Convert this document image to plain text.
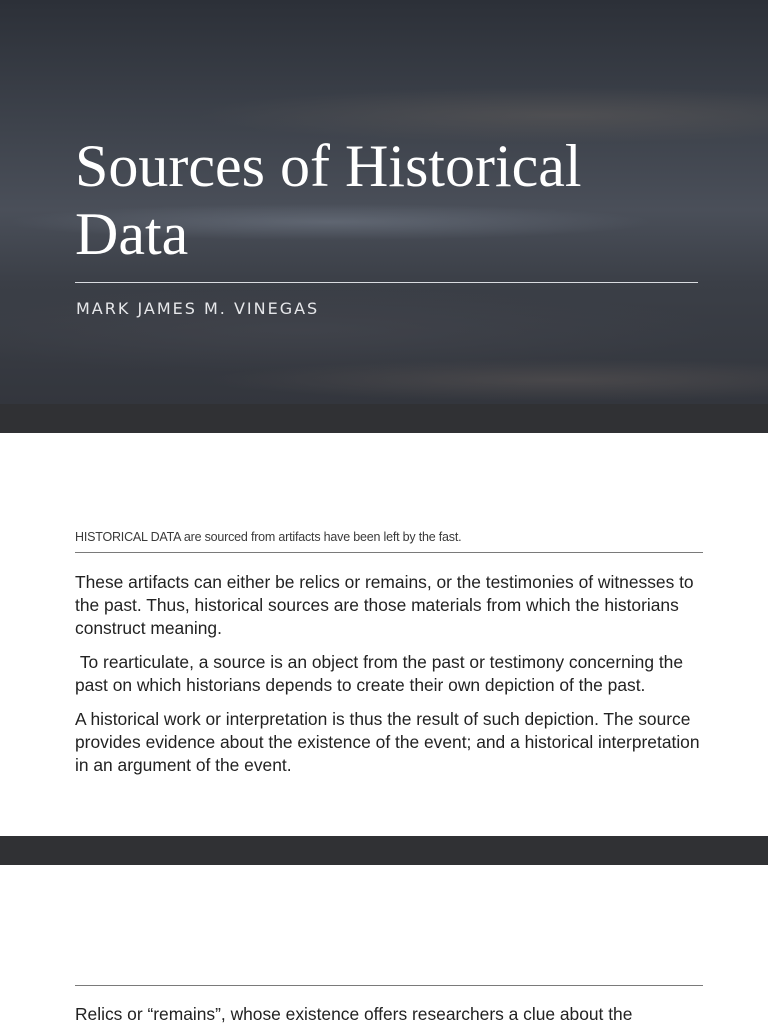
Sources of Historical Data

MARK JAMES M. VINEGAS

HISTORICAL DATA are sourced from artifacts have been left by the fast.

These artifacts can either be relics or remains, or the testimonies of witnesses to the past. Thus, historical sources are those materials from which the historians construct meaning.

To rearticulate, a source is an object from the past or testimony concerning the past on which historians depends to create their own depiction of the past.

A historical work or interpretation is thus the result of such depiction. The source provides evidence about the existence of the event; and a historical interpretation in an argument of the event.

Relics or “remains”, whose existence offers researchers a clue about the
